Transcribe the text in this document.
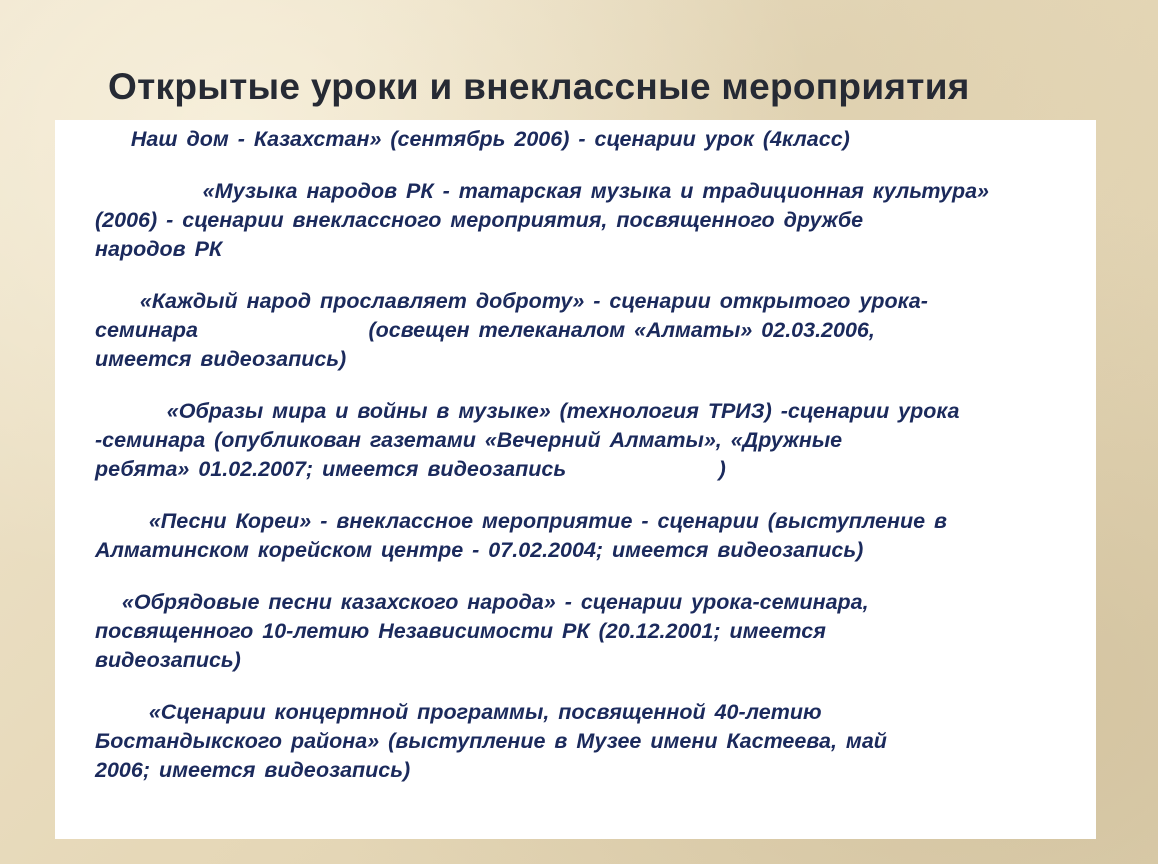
Открытые уроки и внеклассные мероприятия

Наш дом - Казахстан» (сентябрь 2006) - сценарии урок (4класс)

«Музыка народов РК - татарская музыка и традиционная культура»
(2006) - сценарии внеклассного мероприятия, посвященного дружбе
народов РК

«Каждый народ прославляет доброту» - сценарии открытого урока-
семинара                   (освещен телеканалом «Алматы» 02.03.2006,
имеется видеозапись)

«Образы мира и войны в музыке» (технология ТРИЗ) -сценарии урока
-семинара (опубликован газетами «Вечерний Алматы», «Дружные
ребята» 01.02.2007; имеется видеозапись                 )

«Песни Кореи» - внеклассное мероприятие - сценарии (выступление в
Алматинском корейском центре - 07.02.2004; имеется видеозапись)

«Обрядовые песни казахского народа» - сценарии урока-семинара,
посвященного 10-летию Независимости РК (20.12.2001; имеется
видеозапись)

«Сценарии концертной программы, посвященной 40-летию
Бостандыкского района» (выступление в Музее имени Кастеева, май
2006; имеется видеозапись)
